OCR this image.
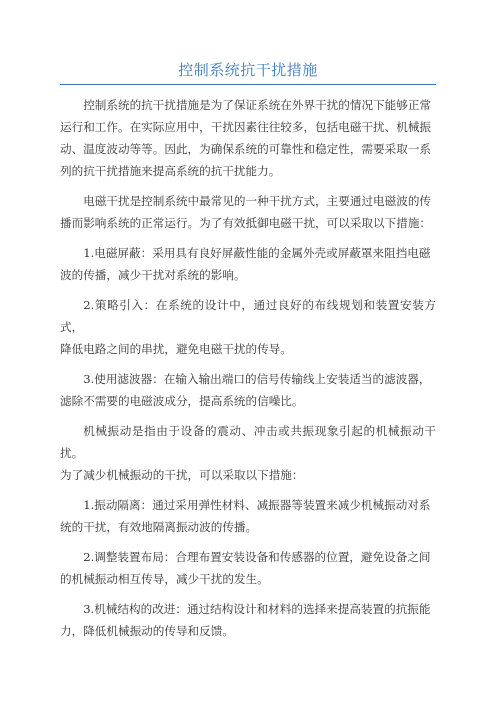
控制系统抗干扰措施

控制系统的抗干扰措施是为了保证系统在外界干扰的情况下能够正常
运行和工作。在实际应用中，干扰因素往往较多，包括电磁干扰、机械振
动、温度波动等等。因此，为确保系统的可靠性和稳定性，需要采取一系
列的抗干扰措施来提高系统的抗干扰能力。

电磁干扰是控制系统中最常见的一种干扰方式，主要通过电磁波的传
播而影响系统的正常运行。为了有效抵御电磁干扰，可以采取以下措施：

1.电磁屏蔽：采用具有良好屏蔽性能的金属外壳或屏蔽罩来阻挡电磁
波的传播，减少干扰对系统的影响。

2.策略引入：在系统的设计中，通过良好的布线规划和装置安装方式，
降低电路之间的串扰，避免电磁干扰的传导。

3.使用滤波器：在输入输出端口的信号传输线上安装适当的滤波器，
滤除不需要的电磁波成分，提高系统的信噪比。

机械振动是指由于设备的震动、冲击或共振现象引起的机械振动干扰。
为了减少机械振动的干扰，可以采取以下措施：

1.振动隔离：通过采用弹性材料、减振器等装置来减少机械振动对系
统的干扰，有效地隔离振动波的传播。

2.调整装置布局：合理布置安装设备和传感器的位置，避免设备之间
的机械振动相互传导，减少干扰的发生。

3.机械结构的改进：通过结构设计和材料的选择来提高装置的抗振能
力，降低机械振动的传导和反馈。
